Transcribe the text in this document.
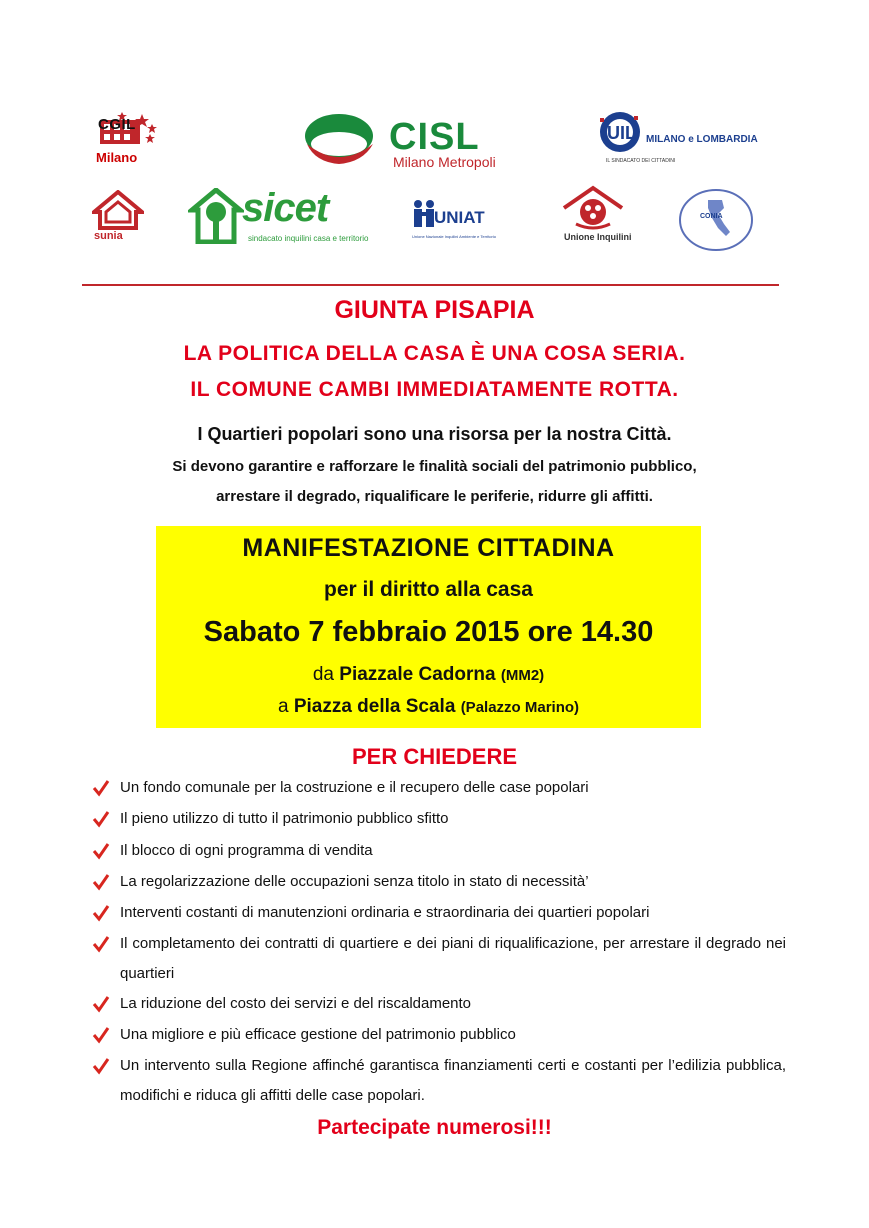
CGIL
Milano	CISL
Milano Metropoli
UIL MILANO e LOMBARDIA
IL SINDACATO DEI CITTADINI
sunia
sicet
sindacato inquilini casa e territorio
UNIAT
Unione Nazionale Inquilini Ambiente e Territorio	Unione Inquilini
CONIA
GIUNTA PISAPIA
LA POLITICA DELLA CASA È UNA COSA SERIA.
IL COMUNE CAMBI IMMEDIATAMENTE ROTTA.
I Quartieri popolari sono una risorsa per la nostra Città.
Si devono garantire e rafforzare le finalità sociali del patrimonio pubblico,
arrestare il degrado, riqualificare le periferie, ridurre gli affitti.
MANIFESTAZIONE CITTADINA
per il diritto alla casa
Sabato 7 febbraio 2015 ore 14.30
da Piazzale Cadorna (MM2)
a Piazza della Scala (Palazzo Marino)
PER CHIEDERE
Un fondo comunale per la costruzione e il recupero delle case popolari
Il pieno utilizzo di tutto il patrimonio pubblico sfitto
Il blocco di ogni programma di vendita
La regolarizzazione delle occupazioni senza titolo in stato di necessità’
Interventi costanti di manutenzioni ordinaria e straordinaria dei quartieri popolari
Il completamento dei contratti di quartiere e dei piani di riqualificazione, per arrestare il degrado nei quartieri
La riduzione del costo dei servizi e del riscaldamento
Una migliore e più efficace gestione del patrimonio pubblico
Un intervento sulla Regione affinché garantisca finanziamenti certi e costanti per l’edilizia pubblica, modifichi e riduca gli affitti delle case popolari.
Partecipate numerosi!!!
